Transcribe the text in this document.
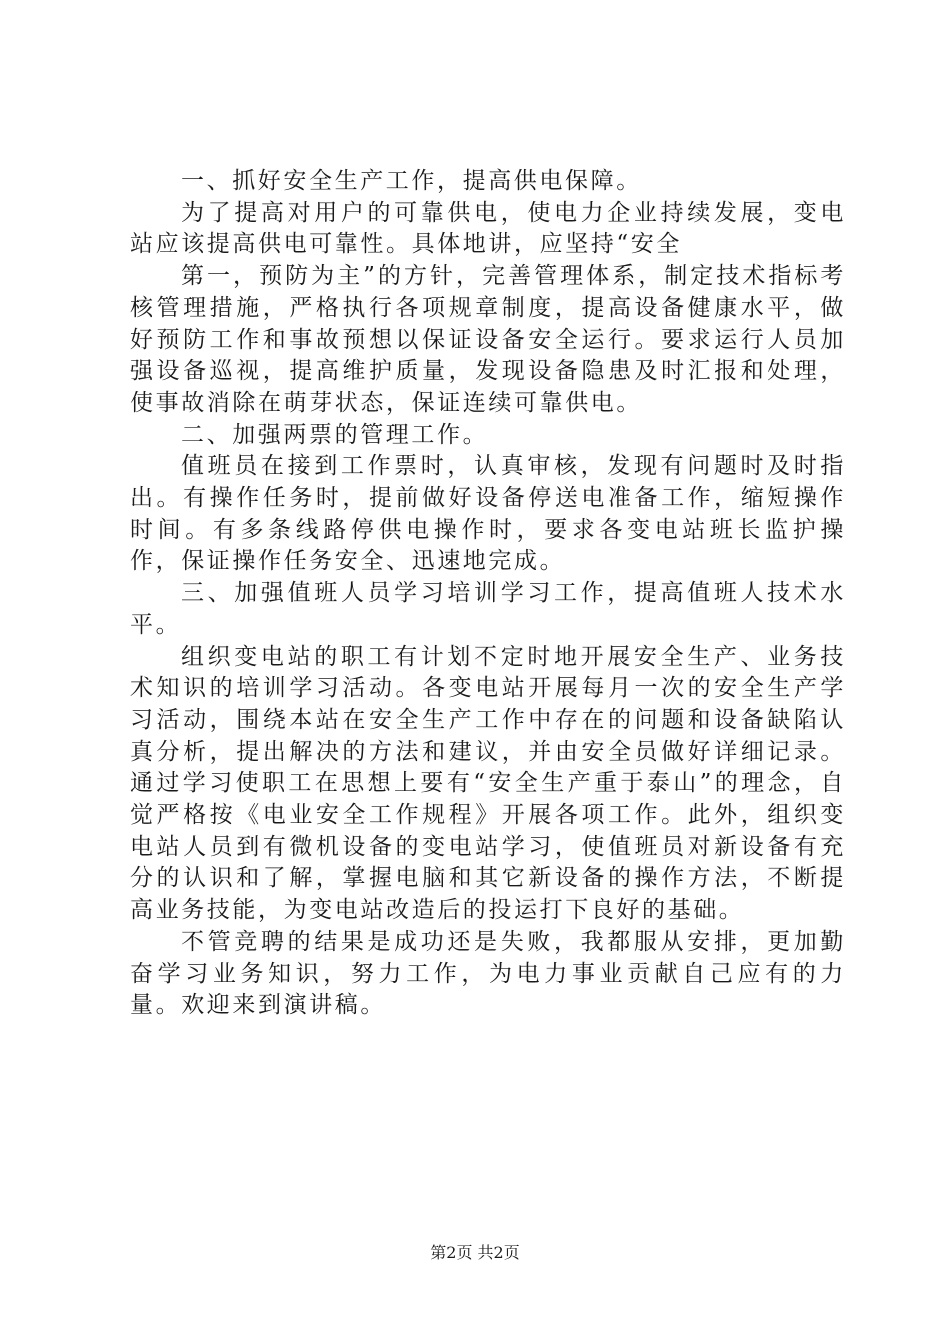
一、抓好安全生产工作，提高供电保障。

为了提高对用户的可靠供电，使电力企业持续发展，变电站应该提高供电可靠性。具体地讲，应坚持“安全

第一，预防为主”的方针，完善管理体系，制定技术指标考核管理措施，严格执行各项规章制度，提高设备健康水平，做好预防工作和事故预想以保证设备安全运行。要求运行人员加强设备巡视，提高维护质量，发现设备隐患及时汇报和处理，使事故消除在萌芽状态，保证连续可靠供电。

二、加强两票的管理工作。

值班员在接到工作票时，认真审核，发现有问题时及时指出。有操作任务时，提前做好设备停送电准备工作，缩短操作时间。有多条线路停供电操作时，要求各变电站班长监护操作，保证操作任务安全、迅速地完成。

三、加强值班人员学习培训学习工作，提高值班人技术水平。

组织变电站的职工有计划不定时地开展安全生产、业务技术知识的培训学习活动。各变电站开展每月一次的安全生产学习活动，围绕本站在安全生产工作中存在的问题和设备缺陷认真分析，提出解决的方法和建议，并由安全员做好详细记录。通过学习使职工在思想上要有“安全生产重于泰山”的理念，自觉严格按《电业安全工作规程》开展各项工作。此外，组织变电站人员到有微机设备的变电站学习，使值班员对新设备有充分的认识和了解，掌握电脑和其它新设备的操作方法，不断提高业务技能，为变电站改造后的投运打下良好的基础。

不管竞聘的结果是成功还是失败，我都服从安排，更加勤奋学习业务知识，努力工作，为电力事业贡献自己应有的力量。欢迎来到演讲稿。

第2页 共2页
